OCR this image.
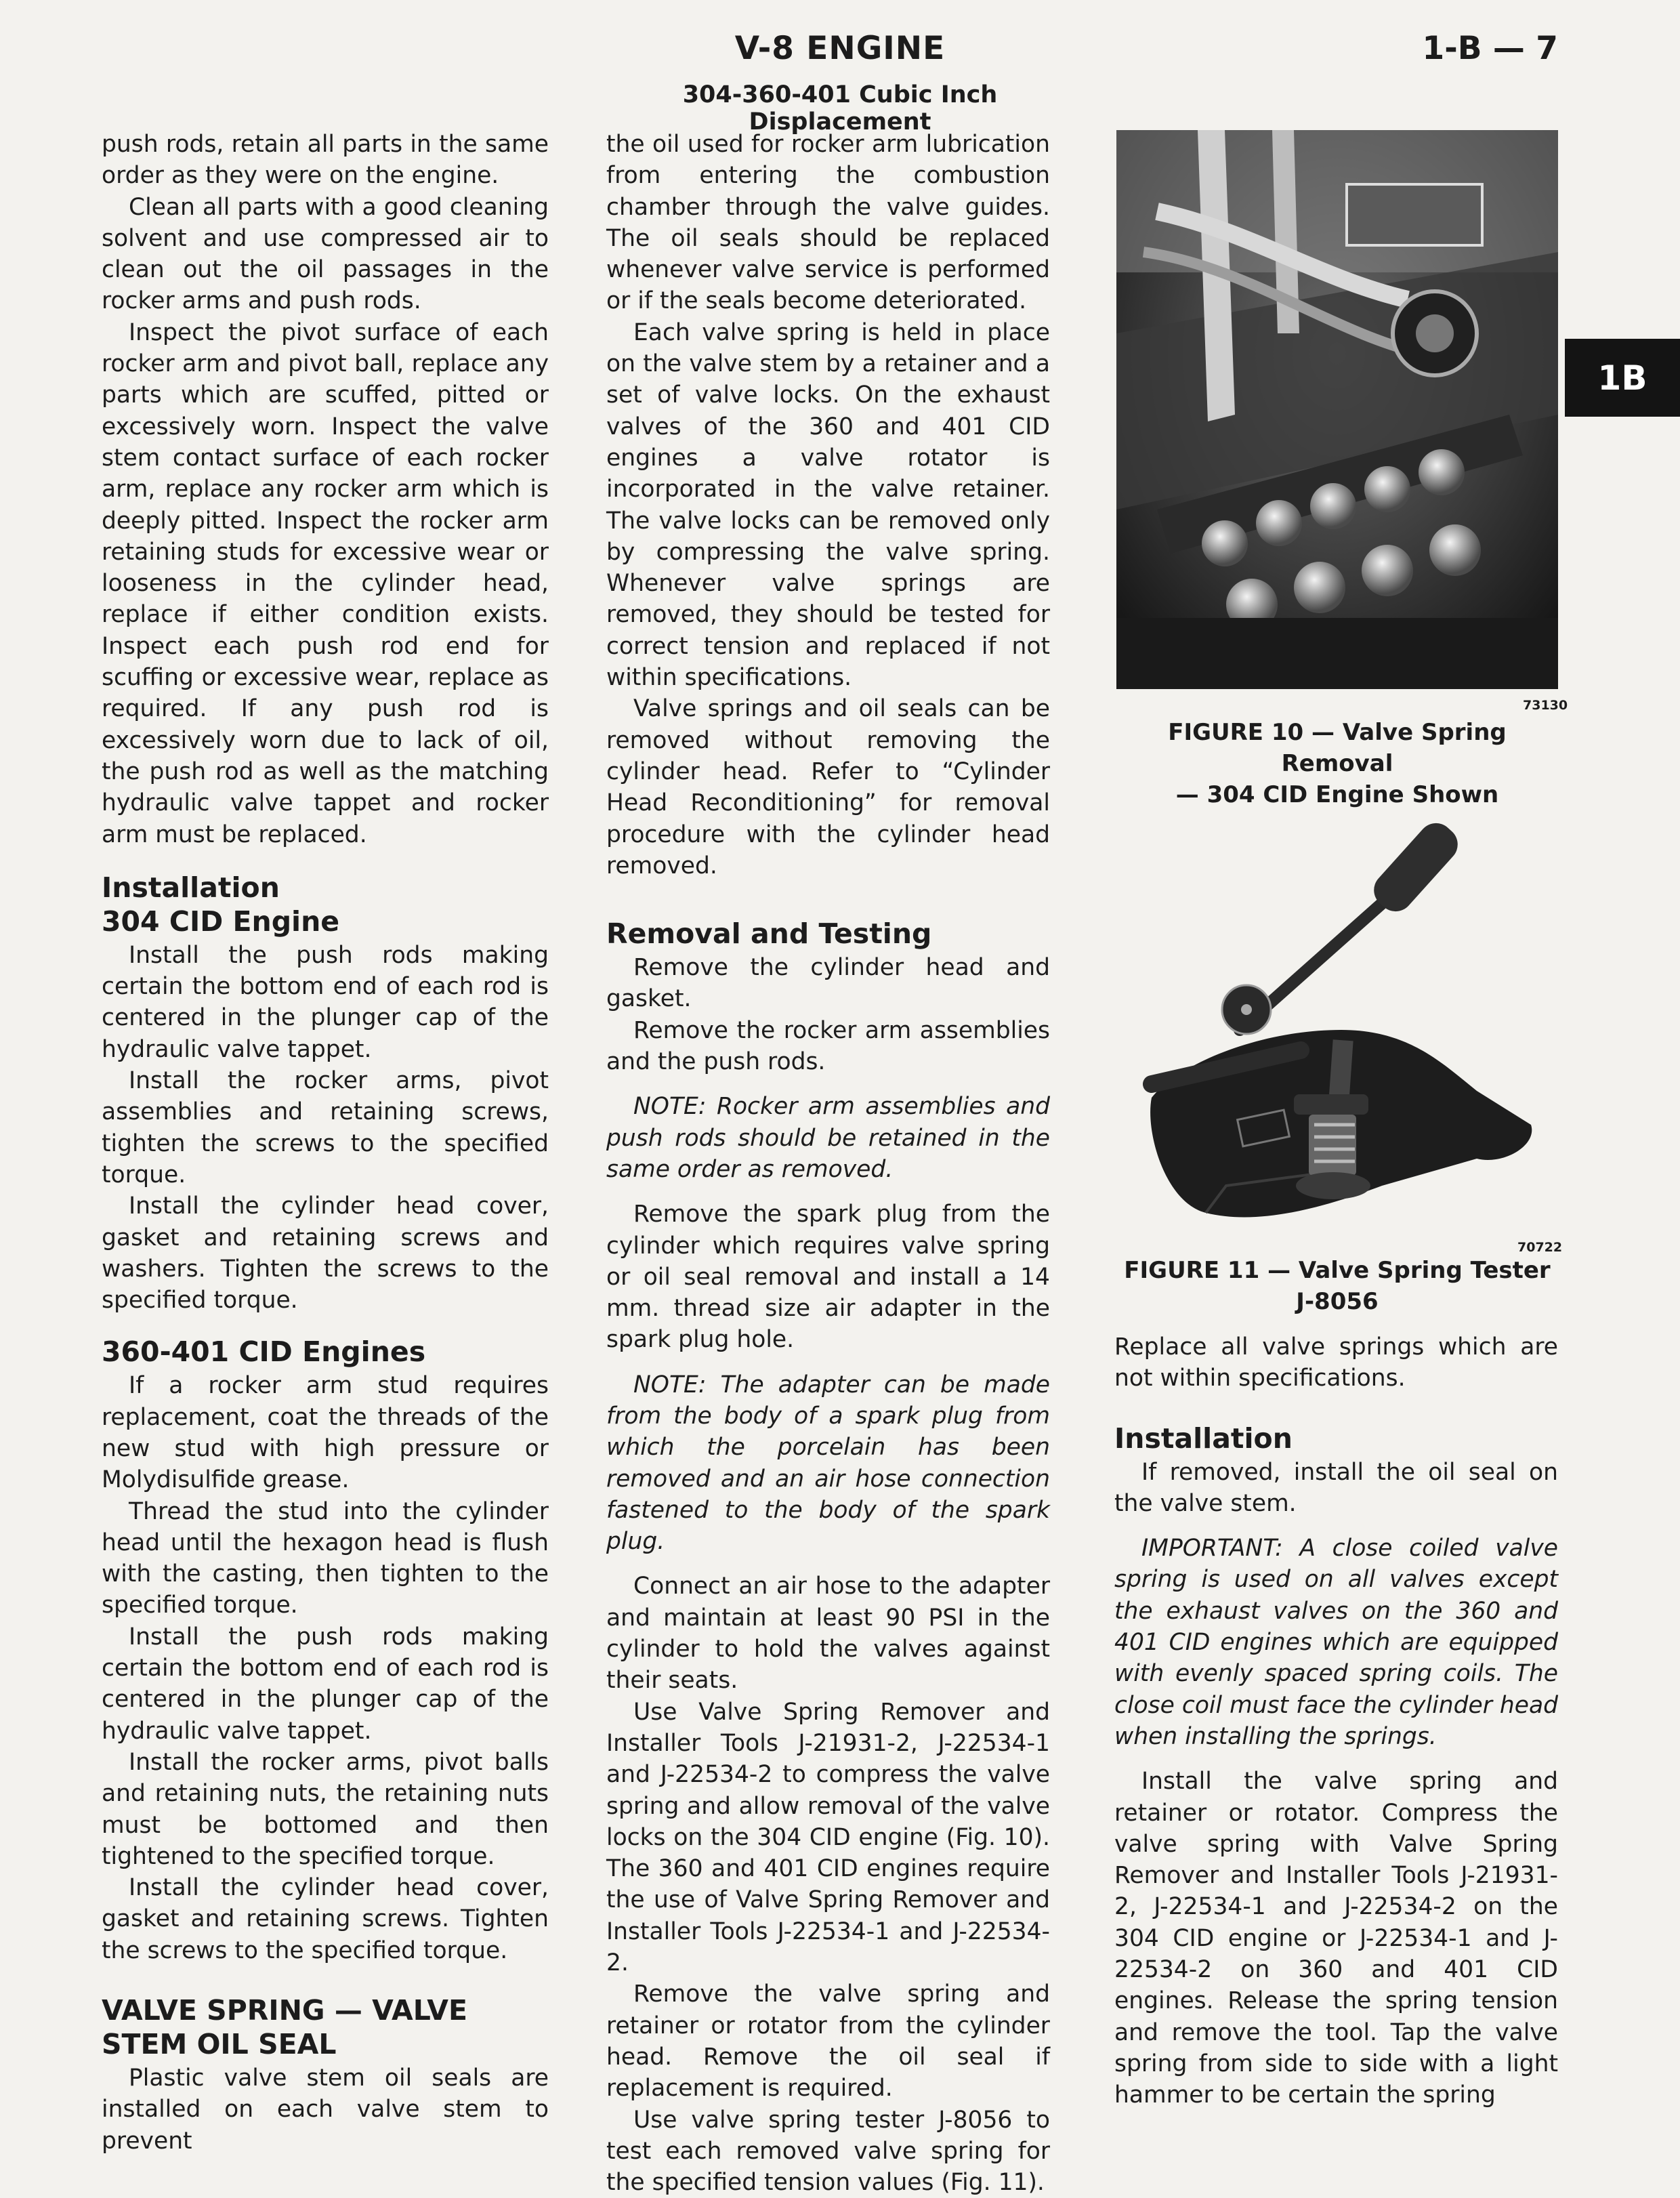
V-8 ENGINE
304-360-401 Cubic Inch Displacement
1-B — 7
1B

push rods, retain all parts in the same order as they were on the engine.

Clean all parts with a good cleaning solvent and use compressed air to clean out the oil passages in the rocker arms and push rods.

Inspect the pivot surface of each rocker arm and pivot ball, replace any parts which are scuffed, pitted or excessively worn. Inspect the valve stem contact surface of each rocker arm, replace any rocker arm which is deeply pitted. Inspect the rocker arm retaining studs for excessive wear or looseness in the cylinder head, replace if either condition exists. Inspect each push rod end for scuffing or excessive wear, replace as required. If any push rod is excessively worn due to lack of oil, the push rod as well as the matching hydraulic valve tappet and rocker arm must be replaced.

Installation
304 CID Engine

Install the push rods making certain the bottom end of each rod is centered in the plunger cap of the hydraulic valve tappet.

Install the rocker arms, pivot assemblies and retaining screws, tighten the screws to the specified torque.

Install the cylinder head cover, gasket and retaining screws and washers. Tighten the screws to the specified torque.

360-401 CID Engines

If a rocker arm stud requires replacement, coat the threads of the new stud with high pressure or Molydisulfide grease.

Thread the stud into the cylinder head until the hexagon head is flush with the casting, then tighten to the specified torque.

Install the push rods making certain the bottom end of each rod is centered in the plunger cap of the hydraulic valve tappet.

Install the rocker arms, pivot balls and retaining nuts, the retaining nuts must be bottomed and then tightened to the specified torque.

Install the cylinder head cover, gasket and retaining screws. Tighten the screws to the specified torque.

VALVE SPRING — VALVE
STEM OIL SEAL

Plastic valve stem oil seals are installed on each valve stem to prevent

the oil used for rocker arm lubrication from entering the combustion chamber through the valve guides. The oil seals should be replaced whenever valve service is performed or if the seals become deteriorated.

Each valve spring is held in place on the valve stem by a retainer and a set of valve locks. On the exhaust valves of the 360 and 401 CID engines a valve rotator is incorporated in the valve retainer. The valve locks can be removed only by compressing the valve spring. Whenever valve springs are removed, they should be tested for correct tension and replaced if not within specifications.

Valve springs and oil seals can be removed without removing the cylinder head. Refer to “Cylinder Head Reconditioning” for removal procedure with the cylinder head removed.

Removal and Testing

Remove the cylinder head and gasket.

Remove the rocker arm assemblies and the push rods.

NOTE: Rocker arm assemblies and push rods should be retained in the same order as removed.

Remove the spark plug from the cylinder which requires valve spring or oil seal removal and install a 14 mm. thread size air adapter in the spark plug hole.

NOTE: The adapter can be made from the body of a spark plug from which the porcelain has been removed and an air hose connection fastened to the body of the spark plug.

Connect an air hose to the adapter and maintain at least 90 PSI in the cylinder to hold the valves against their seats.

Use Valve Spring Remover and Installer Tools J-21931-2, J-22534-1 and J-22534-2 to compress the valve spring and allow removal of the valve locks on the 304 CID engine (Fig. 10). The 360 and 401 CID engines require the use of Valve Spring Remover and Installer Tools J-22534-1 and J-22534-2.

Remove the valve spring and retainer or rotator from the cylinder head. Remove the oil seal if replacement is required.

Use valve spring tester J-8056 to test each removed valve spring for the specified tension values (Fig. 11).

73130
FIGURE 10 — Valve Spring Removal
— 304 CID Engine Shown
70722
FIGURE 11 — Valve Spring Tester
J-8056

Replace all valve springs which are not within specifications.

Installation

If removed, install the oil seal on the valve stem.

IMPORTANT: A close coiled valve spring is used on all valves except the exhaust valves on the 360 and 401 CID engines which are equipped with evenly spaced spring coils. The close coil must face the cylinder head when installing the springs.

Install the valve spring and retainer or rotator. Compress the valve spring with Valve Spring Remover and Installer Tools J-21931-2, J-22534-1 and J-22534-2 on the 304 CID engine or J-22534-1 and J-22534-2 on 360 and 401 CID engines. Release the spring tension and remove the tool. Tap the valve spring from side to side with a light hammer to be certain the spring
